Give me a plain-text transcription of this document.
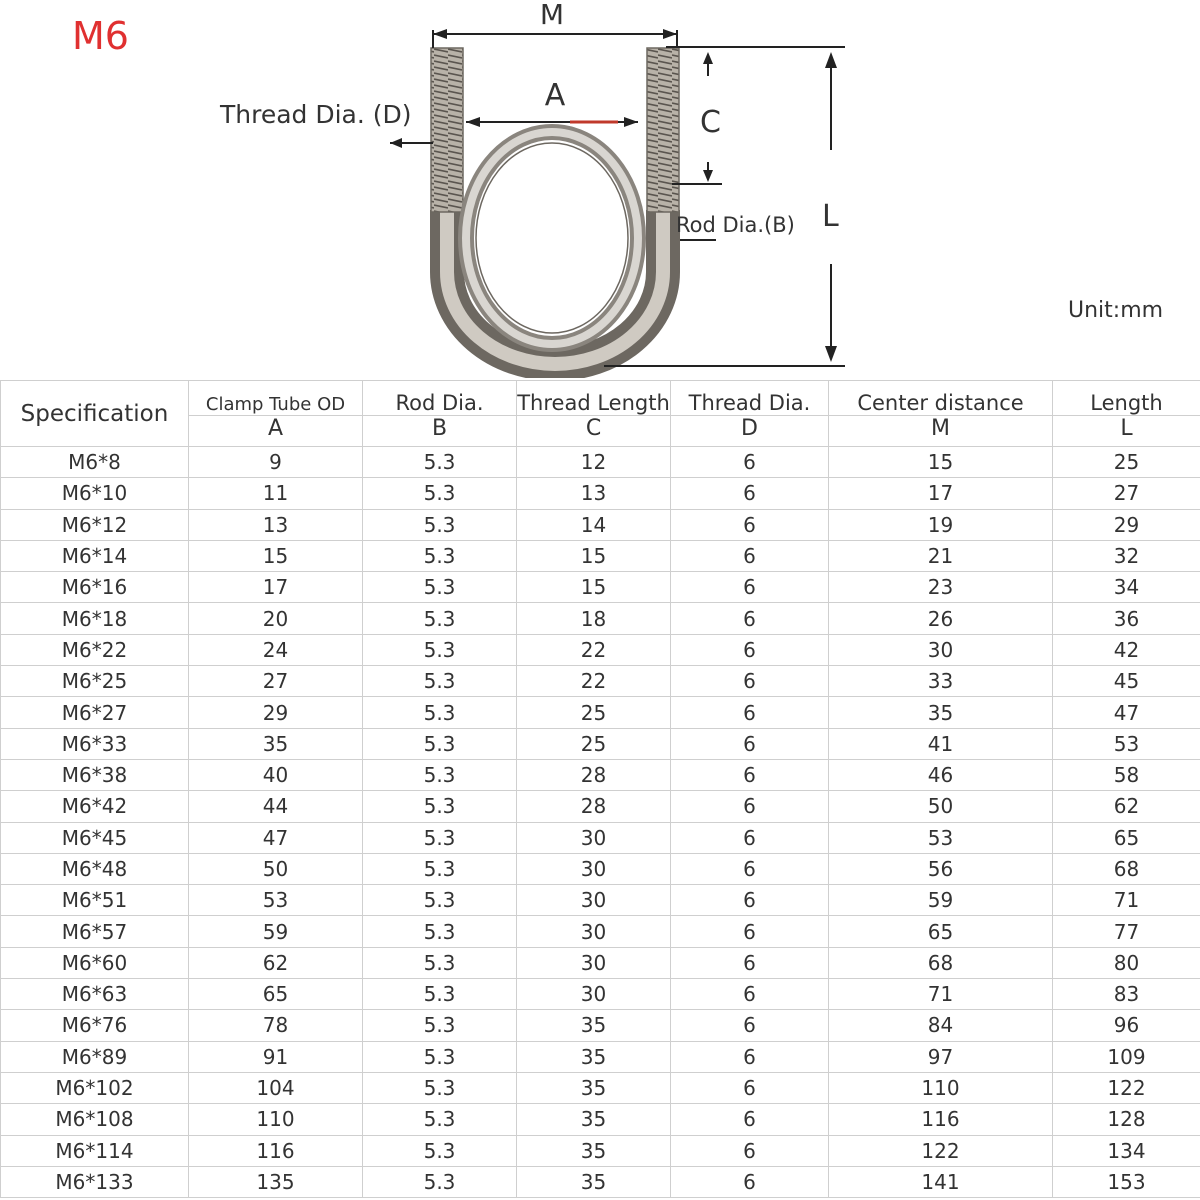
M6	M
A
Thread Dia. (D)	C
Rod Dia.(B) L
Unit:mm
Specification	Clamp Tube OD	Rod Dia.	Thread Length	Thread Dia.	Center distance	Length
	A	B	C	D	M	L
M6*8	9	5.3	12	6	15	25
M6*10	11	5.3	13	6	17	27
M6*12	13	5.3	14	6	19	29
M6*14	15	5.3	15	6	21	32
M6*16	17	5.3	15	6	23	34
M6*18	20	5.3	18	6	26	36
M6*22	24	5.3	22	6	30	42
M6*25	27	5.3	22	6	33	45
M6*27	29	5.3	25	6	35	47
M6*33	35	5.3	25	6	41	53
M6*38	40	5.3	28	6	46	58
M6*42	44	5.3	28	6	50	62
M6*45	47	5.3	30	6	53	65
M6*48	50	5.3	30	6	56	68
M6*51	53	5.3	30	6	59	71
M6*57	59	5.3	30	6	65	77
M6*60	62	5.3	30	6	68	80
M6*63	65	5.3	30	6	71	83
M6*76	78	5.3	35	6	84	96
M6*89	91	5.3	35	6	97	109
M6*102	104	5.3	35	6	110	122
M6*108	110	5.3	35	6	116	128
M6*114	116	5.3	35	6	122	134
M6*133	135	5.3	35	6	141	153
